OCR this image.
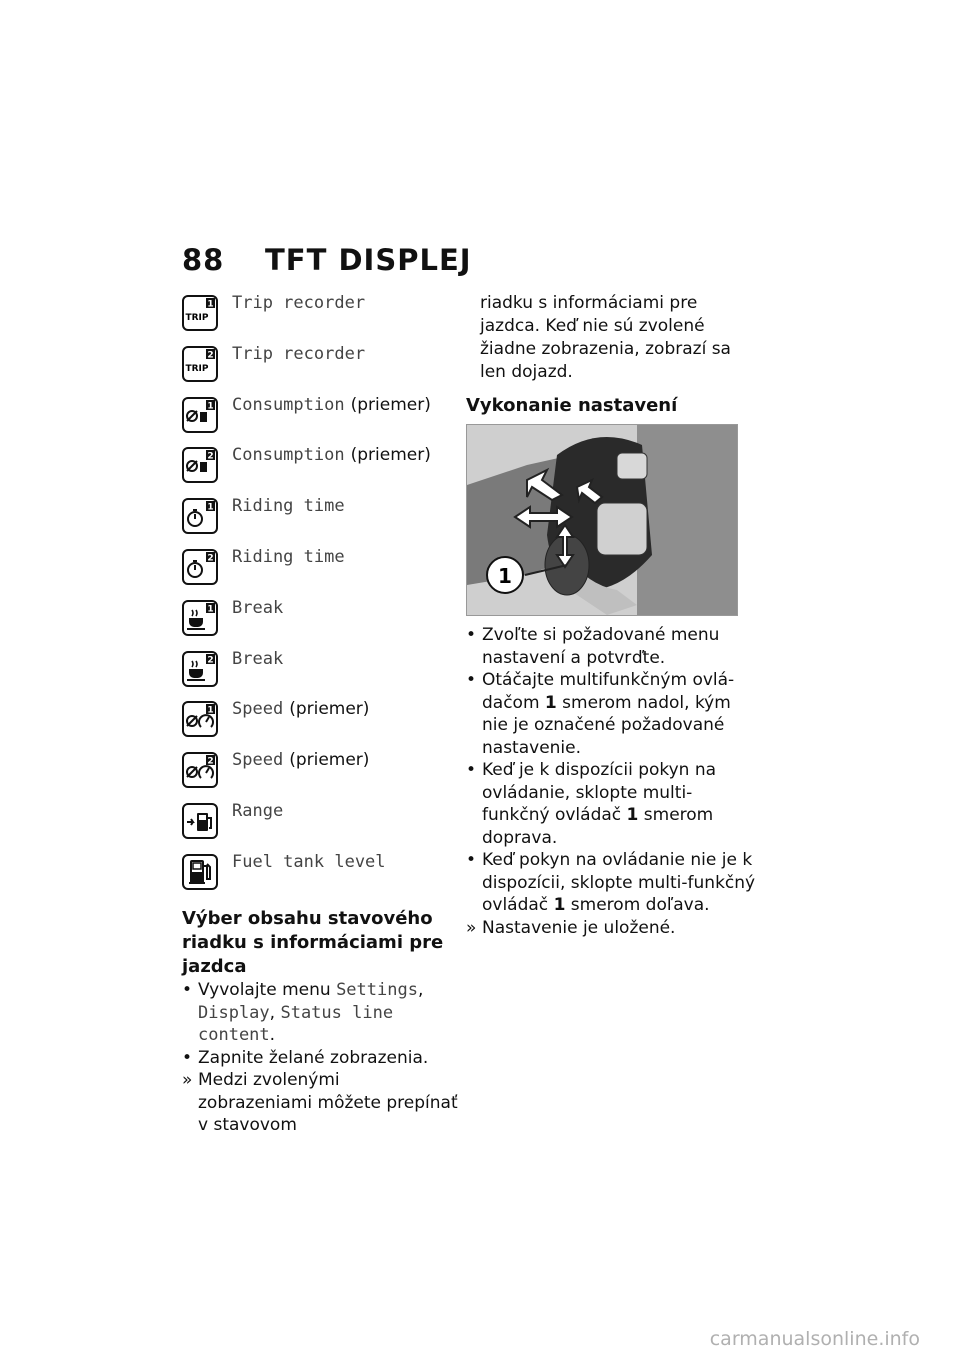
88	TFT DISPLEJ
1
TRIP
Trip recorder
2
TRIP
Trip recorder
1 Consumption (priemer)
2 Consumption (priemer)
1 Riding time
2 Riding time
1 Break
2 Break
1 Speed (priemer)
2 Speed (priemer)
Range
Fuel tank level

Výber obsahu stavového riadku s informáciami pre jazdca

• Vyvolajte menu Settings, Display, Status line content.
• Zapnite želané zobrazenia.
» Medzi zvolenými zobrazeniami môžete prepínať v stavovom
riadku s informáciami pre jazdca. Keď nie sú zvolené žiadne zobrazenia, zobrazí sa len dojazd.

Vykonanie nastavení

1
• Zvoľte si požadované menu nastavení a potvrďte.
• Otáčajte multifunkčným ovlá-dačom 1 smerom nadol, kým nie je označené požadované nastavenie.
• Keď je k dispozícii pokyn na ovládanie, sklopte multi-funkčný ovládač 1 smerom doprava.
• Keď pokyn na ovládanie nie je k dispozícii, sklopte multi-funkčný ovládač 1 smerom doľava.
» Nastavenie je uložené.
carmanualsonline.info
